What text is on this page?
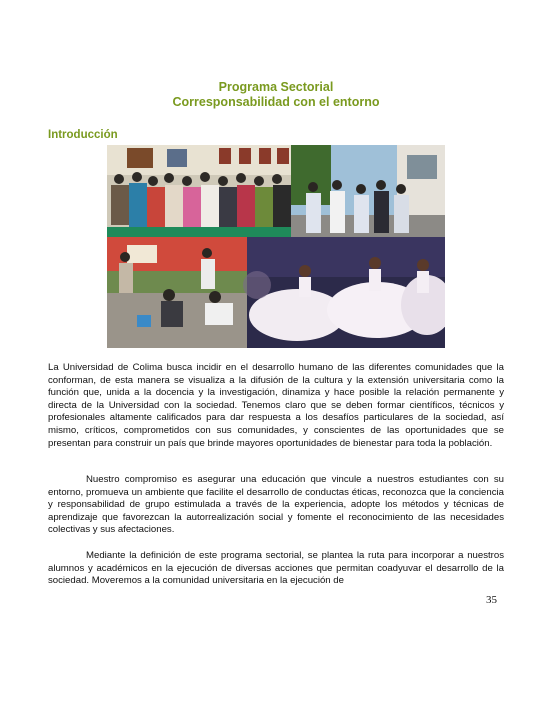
Programa Sectorial
Corresponsabilidad con el entorno
Introducción

La Universidad de Colima busca incidir en el desarrollo humano de las diferentes comunidades que la conforman, de esta manera se visualiza a la difusión de la cultura y la extensión universitaria como la función que, unida a la docencia y la investigación, dinamiza y hace posible la relación permanente y directa de la Universidad con la sociedad. Tenemos claro que se deben formar científicos, técnicos y profesionales altamente calificados para dar respuesta a los desafíos particulares de la sociedad, así mismo, críticos, comprometidos con sus comunidades, y conscientes de las oportunidades que se presentan para construir un país que brinde mayores oportunidades de bienestar para toda la población.

Nuestro compromiso es asegurar una educación que vincule a nuestros estudiantes con su entorno, promueva un ambiente que facilite el desarrollo de conductas éticas, reconozca que la conciencia y responsabilidad de grupo estimulada a través de la experiencia, adopte los métodos y técnicas de aprendizaje que favorezcan la autorrealización social y fomente el reconocimiento de las necesidades colectivas y sus afectaciones.

Mediante la definición de este programa sectorial, se plantea la ruta para incorporar a nuestros alumnos y académicos en la ejecución de diversas acciones que permitan coadyuvar el desarrollo de la sociedad. Moveremos a la comunidad universitaria en la ejecución de

35
